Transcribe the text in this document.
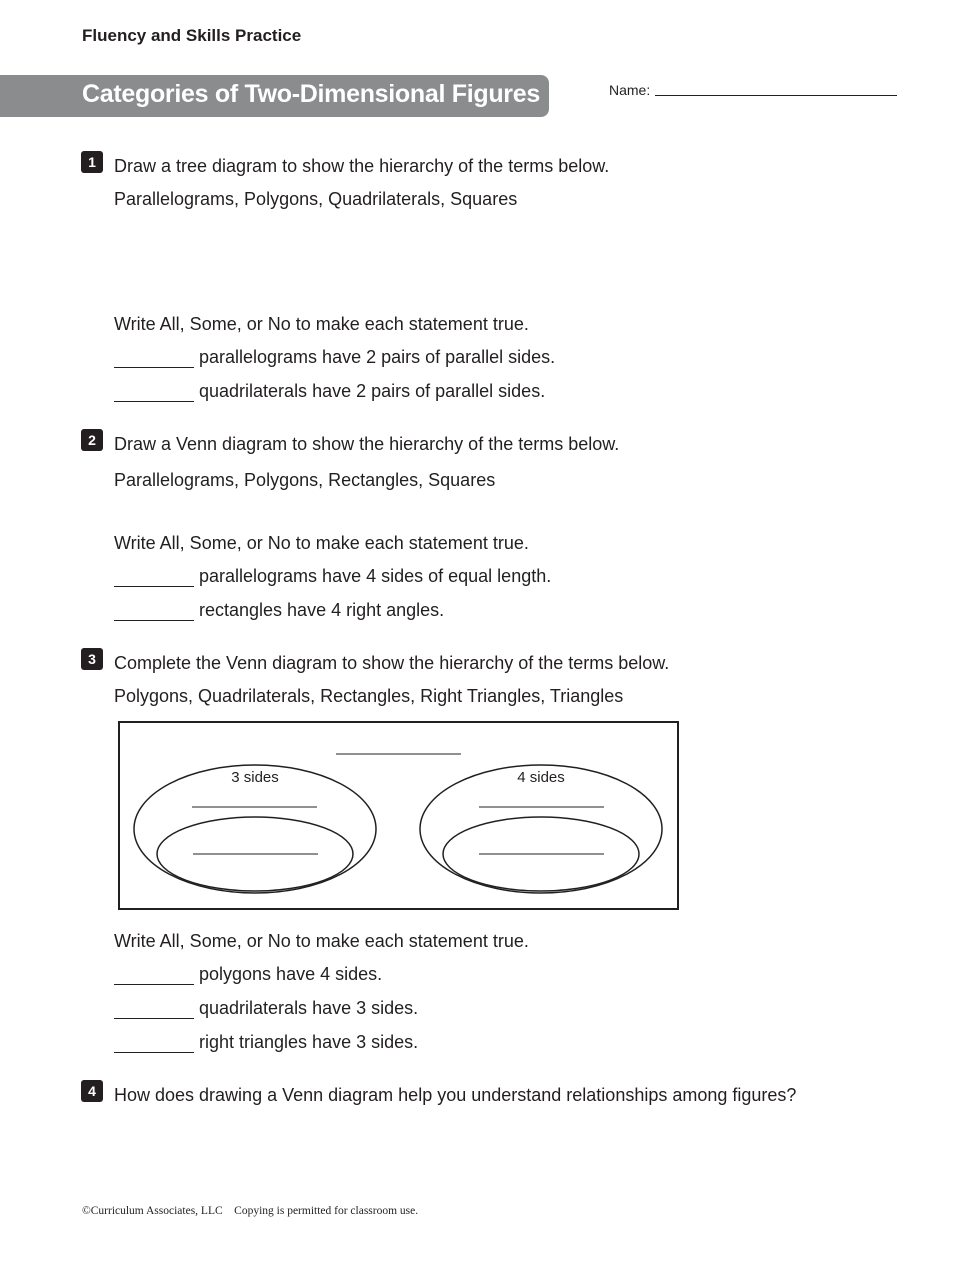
Fluency and Skills Practice
Categories of Two-Dimensional Figures	Name:
1	Draw a tree diagram to show the hierarchy of the terms below.
Parallelograms, Polygons, Quadrilaterals, Squares
Write All, Some, or No to make each statement true.
parallelograms have 2 pairs of parallel sides.
quadrilaterals have 2 pairs of parallel sides.
2	Draw a Venn diagram to show the hierarchy of the terms below.
Parallelograms, Polygons, Rectangles, Squares
Write All, Some, or No to make each statement true.
parallelograms have 4 sides of equal length.
rectangles have 4 right angles.
3	Complete the Venn diagram to show the hierarchy of the terms below.
Polygons, Quadrilaterals, Rectangles, Right Triangles, Triangles
3 sides	4 sides
Write All, Some, or No to make each statement true.
polygons have 4 sides.
quadrilaterals have 3 sides.
right triangles have 3 sides.
4	How does drawing a Venn diagram help you understand relationships among figures?
©Curriculum Associates, LLC Copying is permitted for classroom use.
